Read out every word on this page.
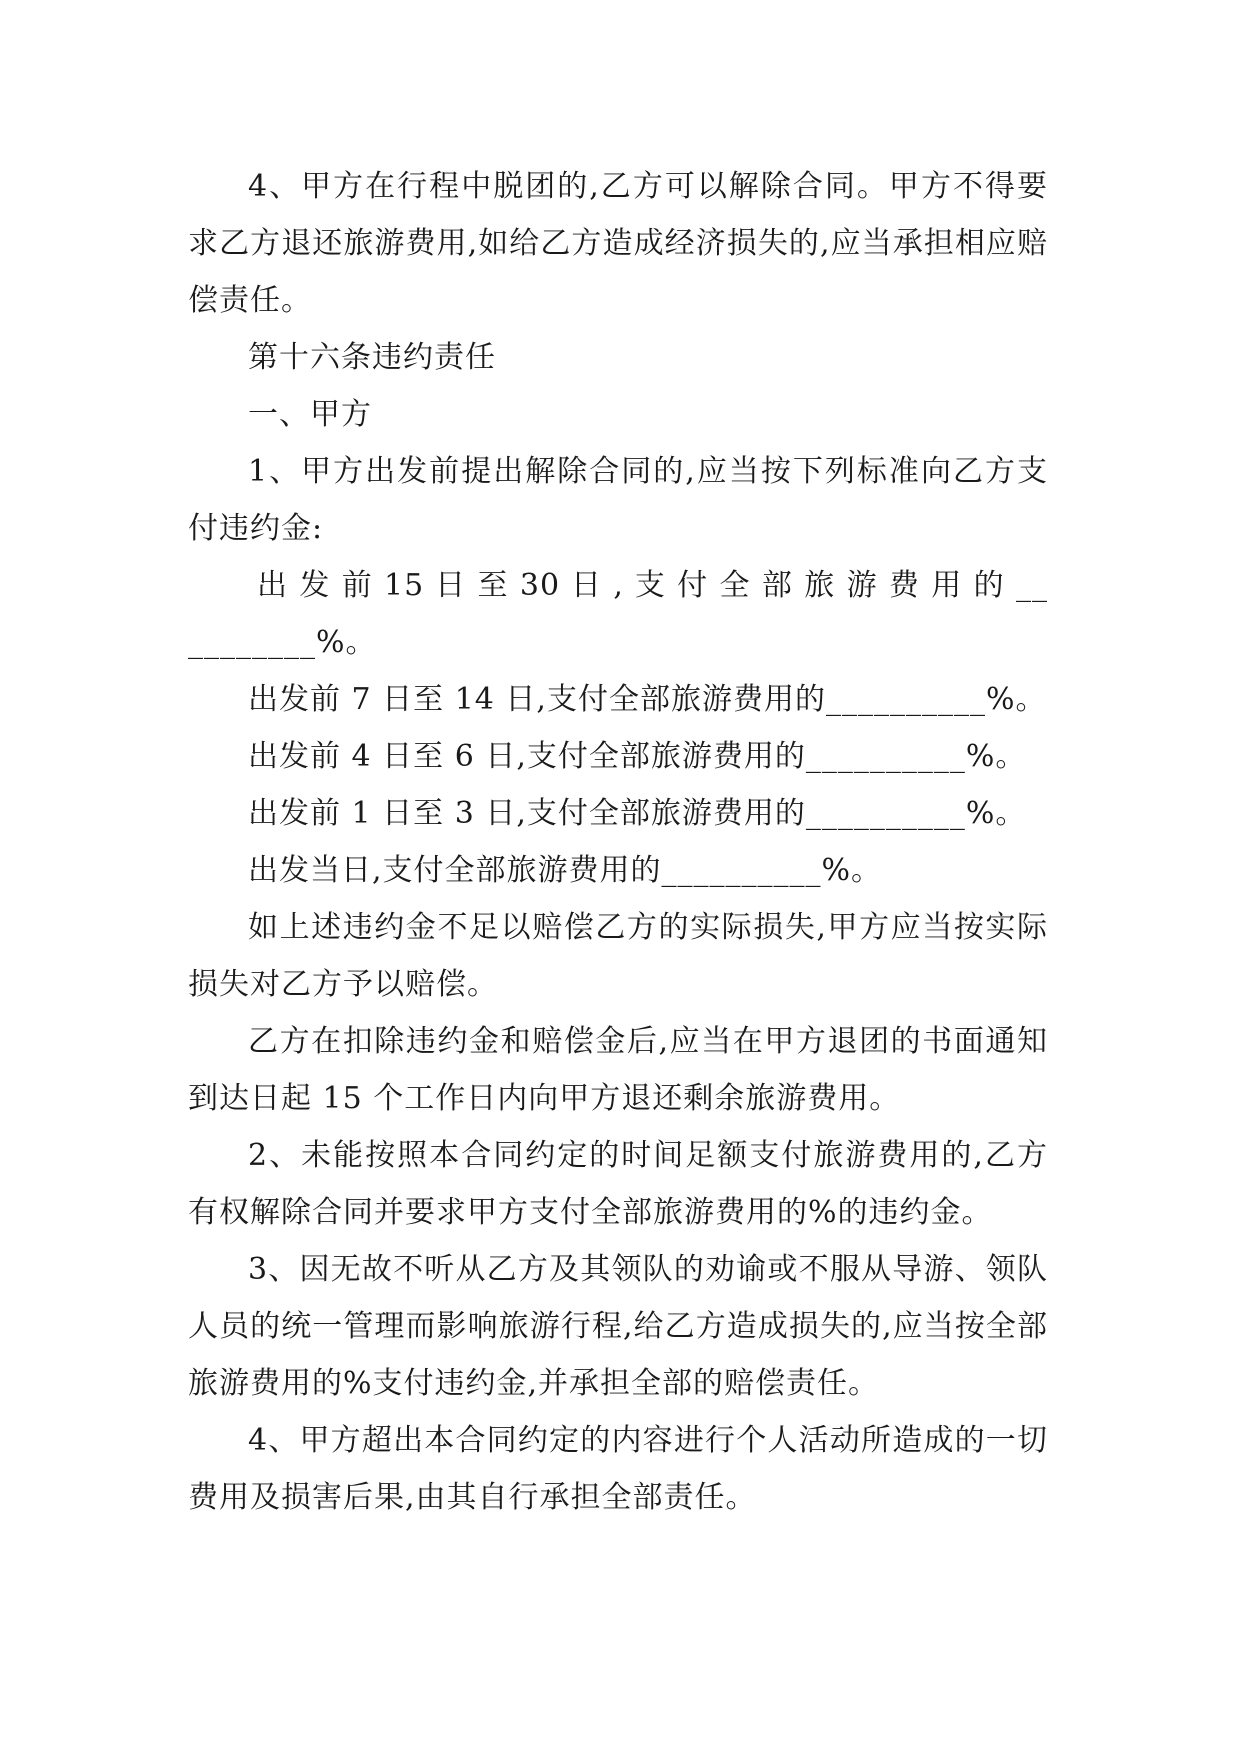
4、甲方在行程中脱团的,乙方可以解除合同。甲方不得要求乙方退还旅游费用,如给乙方造成经济损失的,应当承担相应赔偿责任。

第十六条违约责任

一、甲方

1、甲方出发前提出解除合同的,应当按下列标准向乙方支付违约金:

出 发 前 15 日 至 30 日 , 支 付 全 部 旅 游 费 用 的 __________%。

出发前 7 日至 14 日,支付全部旅游费用的__________%。

出发前 4 日至 6 日,支付全部旅游费用的__________%。

出发前 1 日至 3 日,支付全部旅游费用的__________%。

出发当日,支付全部旅游费用的__________%。

如上述违约金不足以赔偿乙方的实际损失,甲方应当按实际损失对乙方予以赔偿。

乙方在扣除违约金和赔偿金后,应当在甲方退团的书面通知到达日起 15 个工作日内向甲方退还剩余旅游费用。

2、未能按照本合同约定的时间足额支付旅游费用的,乙方有权解除合同并要求甲方支付全部旅游费用的%的违约金。

3、因无故不听从乙方及其领队的劝谕或不服从导游、领队人员的统一管理而影响旅游行程,给乙方造成损失的,应当按全部旅游费用的%支付违约金,并承担全部的赔偿责任。

4、甲方超出本合同约定的内容进行个人活动所造成的一切费用及损害后果,由其自行承担全部责任。
